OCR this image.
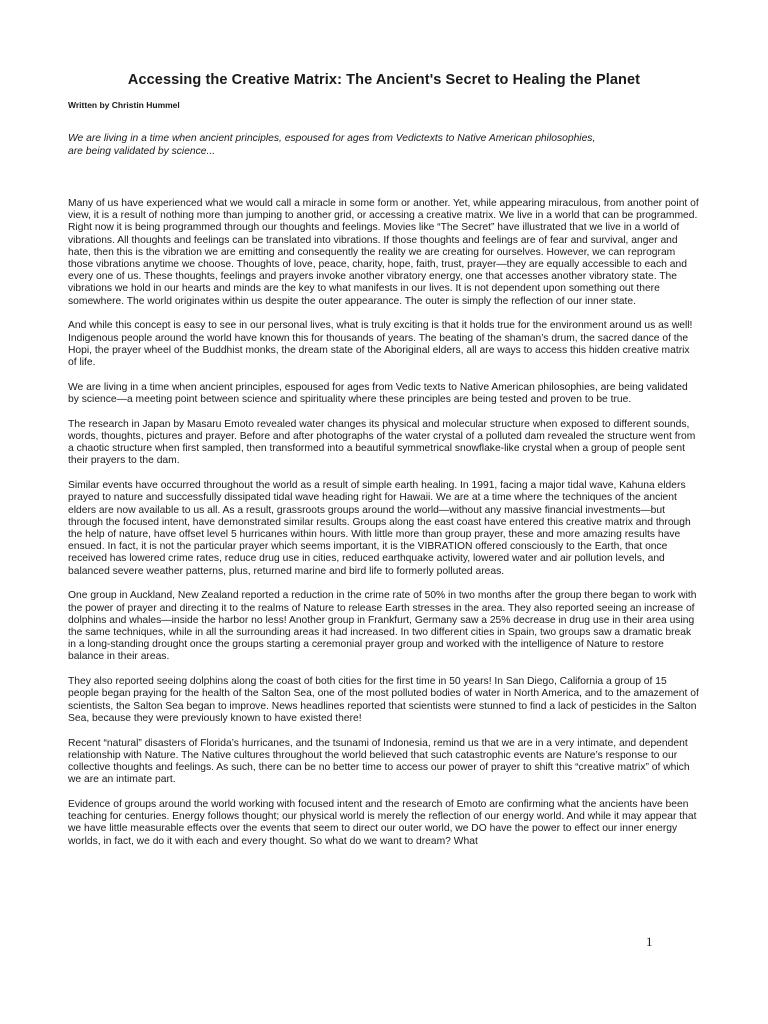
Accessing the Creative Matrix: The Ancient's Secret to Healing the Planet
Written by Christin Hummel
We are living in a time when ancient principles, espoused for ages from Vedictexts to Native American philosophies, are being validated by science...

Many of us have experienced what we would call a miracle in some form or another. Yet, while appearing miraculous, from another point of view, it is a result of nothing more than jumping to another grid, or accessing a creative matrix. We live in a world that can be programmed. Right now it is being programmed through our thoughts and feelings. Movies like “The Secret” have illustrated that we live in a world of vibrations. All thoughts and feelings can be translated into vibrations. If those thoughts and feelings are of fear and survival, anger and hate, then this is the vibration we are emitting and consequently the reality we are creating for ourselves. However, we can reprogram those vibrations anytime we choose. Thoughts of love, peace, charity, hope, faith, trust, prayer—they are equally accessible to each and every one of us. These thoughts, feelings and prayers invoke another vibratory energy, one that accesses another vibratory state. The vibrations we hold in our hearts and minds are the key to what manifests in our lives. It is not dependent upon something out there somewhere. The world originates within us despite the outer appearance. The outer is simply the reflection of our inner state.

And while this concept is easy to see in our personal lives, what is truly exciting is that it holds true for the environment around us as well! Indigenous people around the world have known this for thousands of years. The beating of the shaman’s drum, the sacred dance of the Hopi, the prayer wheel of the Buddhist monks, the dream state of the Aboriginal elders, all are ways to access this hidden creative matrix of life.

We are living in a time when ancient principles, espoused for ages from Vedic texts to Native American philosophies, are being validated by science—a meeting point between science and spirituality where these principles are being tested and proven to be true.

The research in Japan by Masaru Emoto revealed water changes its physical and molecular structure when exposed to different sounds, words, thoughts, pictures and prayer. Before and after photographs of the water crystal of a polluted dam revealed the structure went from a chaotic structure when first sampled, then transformed into a beautiful symmetrical snowflake-like crystal when a group of people sent their prayers to the dam.

Similar events have occurred throughout the world as a result of simple earth healing. In 1991, facing a major tidal wave, Kahuna elders prayed to nature and successfully dissipated tidal wave heading right for Hawaii. We are at a time where the techniques of the ancient elders are now available to us all. As a result, grassroots groups around the world—without any massive financial investments—but through the focused intent, have demonstrated similar results. Groups along the east coast have entered this creative matrix and through the help of nature, have offset level 5 hurricanes within hours. With little more than group prayer, these and more amazing results have ensued. In fact, it is not the particular prayer which seems important, it is the VIBRATION offered consciously to the Earth, that once received has lowered crime rates, reduce drug use in cities, reduced earthquake activity, lowered water and air pollution levels, and balanced severe weather patterns, plus, returned marine and bird life to formerly polluted areas.

One group in Auckland, New Zealand reported a reduction in the crime rate of 50% in two months after the group there began to work with the power of prayer and directing it to the realms of Nature to release Earth stresses in the area. They also reported seeing an increase of dolphins and whales—inside the harbor no less! Another group in Frankfurt, Germany saw a 25% decrease in drug use in their area using the same techniques, while in all the surrounding areas it had increased. In two different cities in Spain, two groups saw a dramatic break in a long-standing drought once the groups starting a ceremonial prayer group and worked with the intelligence of Nature to restore balance in their areas.

They also reported seeing dolphins along the coast of both cities for the first time in 50 years! In San Diego, California a group of 15 people began praying for the health of the Salton Sea, one of the most polluted bodies of water in North America, and to the amazement of scientists, the Salton Sea began to improve. News headlines reported that scientists were stunned to find a lack of pesticides in the Salton Sea, because they were previously known to have existed there!

Recent “natural” disasters of Florida’s hurricanes, and the tsunami of Indonesia, remind us that we are in a very intimate, and dependent relationship with Nature. The Native cultures throughout the world believed that such catastrophic events are Nature’s response to our collective thoughts and feelings. As such, there can be no better time to access our power of prayer to shift this “creative matrix” of which we are an intimate part.

Evidence of groups around the world working with focused intent and the research of Emoto are confirming what the ancients have been teaching for centuries. Energy follows thought; our physical world is merely the reflection of our energy world. And while it may appear that we have little measurable effects over the events that seem to direct our outer world, we DO have the power to effect our inner energy worlds, in fact, we do it with each and every thought. So what do we want to dream? What

1
